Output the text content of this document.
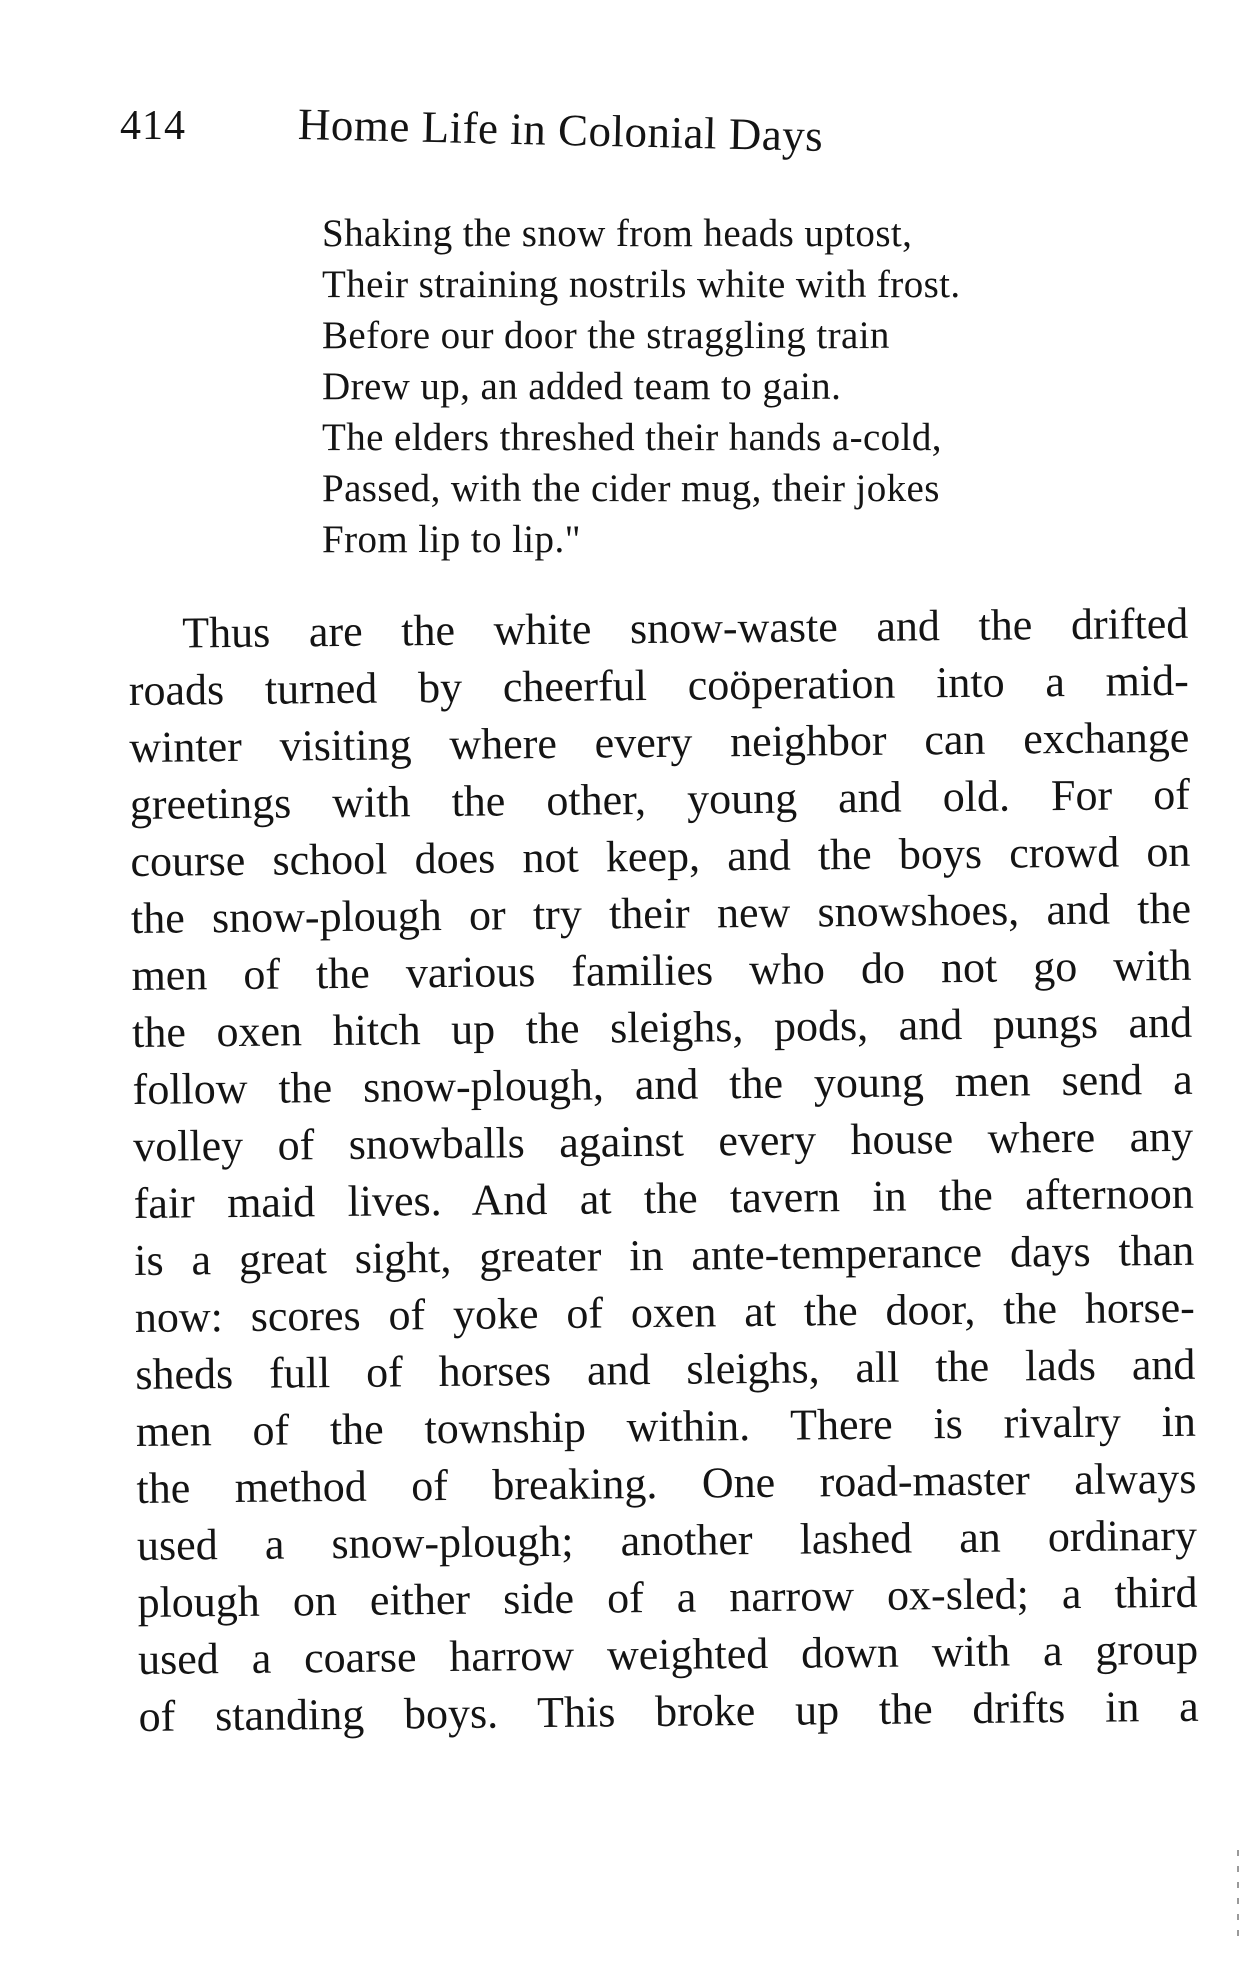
414 Home Life in Colonial Days
Shaking the snow from heads uptost,
Their straining nostrils white with frost.
Before our door the straggling train
Drew up, an added team to gain.
The elders threshed their hands a-cold,
Passed, with the cider mug, their jokes
From lip to lip."
Thus are the white snow-waste and the drifted
roads turned by cheerful coöperation into a mid-
winter visiting where every neighbor can exchange
greetings with the other, young and old. For of
course school does not keep, and the boys crowd on
the snow-plough or try their new snowshoes, and the
men of the various families who do not go with
the oxen hitch up the sleighs, pods, and pungs and
follow the snow-plough, and the young men send a
volley of snowballs against every house where any
fair maid lives. And at the tavern in the afternoon
is a great sight, greater in ante-temperance days than
now: scores of yoke of oxen at the door, the horse-
sheds full of horses and sleighs, all the lads and
men of the township within. There is rivalry in
the method of breaking. One road-master always
used a snow-plough; another lashed an ordinary
plough on either side of a narrow ox-sled; a third
used a coarse harrow weighted down with a group
of standing boys. This broke up the drifts in a
